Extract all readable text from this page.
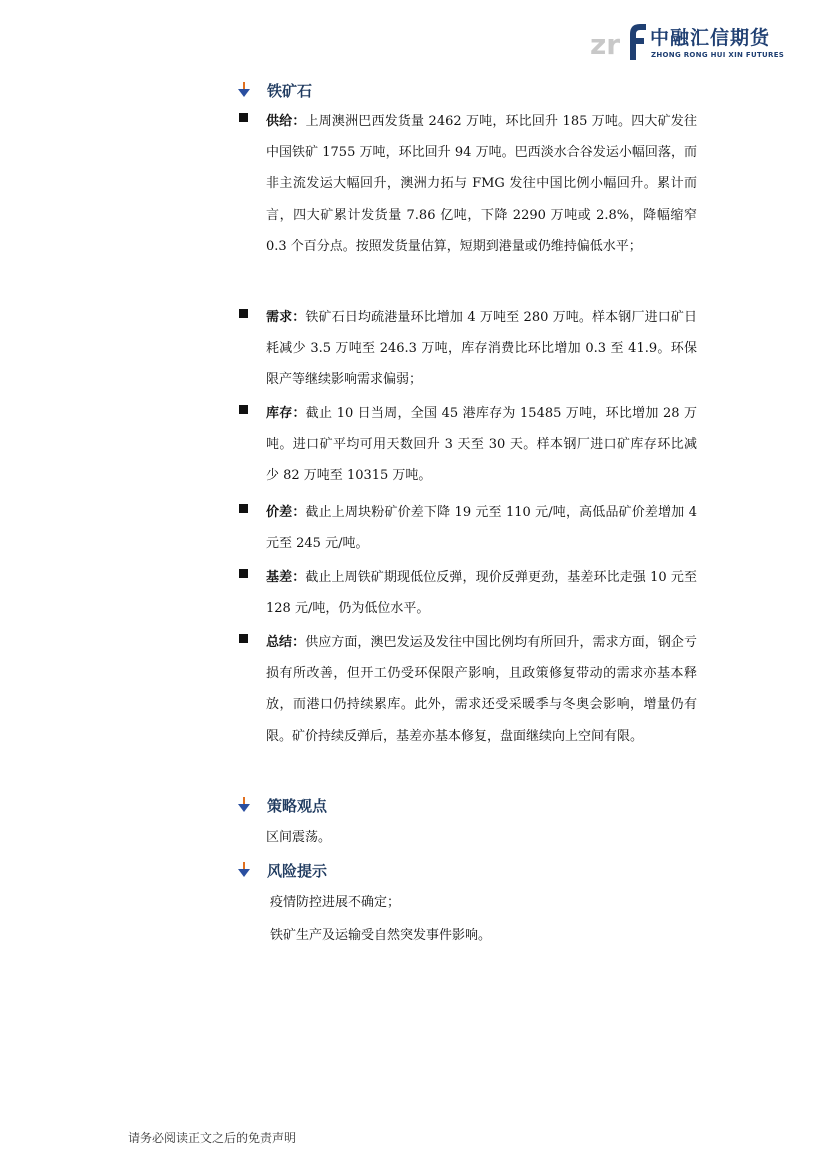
zr 中融汇信期货
ZHONG RONG HUI XIN FUTURES
铁矿石
供给：上周澳洲巴西发货量 2462 万吨，环比回升 185 万吨。四大矿发往中国铁矿 1755 万吨，环比回升 94 万吨。巴西淡水合谷发运小幅回落，而非主流发运大幅回升，澳洲力拓与 FMG 发往中国比例小幅回升。累计而言，四大矿累计发货量 7.86 亿吨，下降 2290 万吨或 2.8%，降幅缩窄 0.3 个百分点。按照发货量估算，短期到港量或仍维持偏低水平；
需求：铁矿石日均疏港量环比增加 4 万吨至 280 万吨。样本钢厂进口矿日耗减少 3.5 万吨至 246.3 万吨，库存消费比环比增加 0.3 至 41.9。环保限产等继续影响需求偏弱；
库存：截止 10 日当周，全国 45 港库存为 15485 万吨，环比增加 28 万吨。进口矿平均可用天数回升 3 天至 30 天。样本钢厂进口矿库存环比减少 82 万吨至 10315 万吨。
价差：截止上周块粉矿价差下降 19 元至 110 元/吨，高低品矿价差增加 4 元至 245 元/吨。
基差：截止上周铁矿期现低位反弹，现价反弹更劲，基差环比走强 10 元至 128 元/吨，仍为低位水平。
总结：供应方面，澳巴发运及发往中国比例均有所回升，需求方面，钢企亏损有所改善，但开工仍受环保限产影响，且政策修复带动的需求亦基本释放，而港口仍持续累库。此外，需求还受采暖季与冬奥会影响，增量仍有限。矿价持续反弹后，基差亦基本修复，盘面继续向上空间有限。
策略观点
区间震荡。
风险提示
疫情防控进展不确定；
铁矿生产及运输受自然突发事件影响。
请务必阅读正文之后的免责声明
